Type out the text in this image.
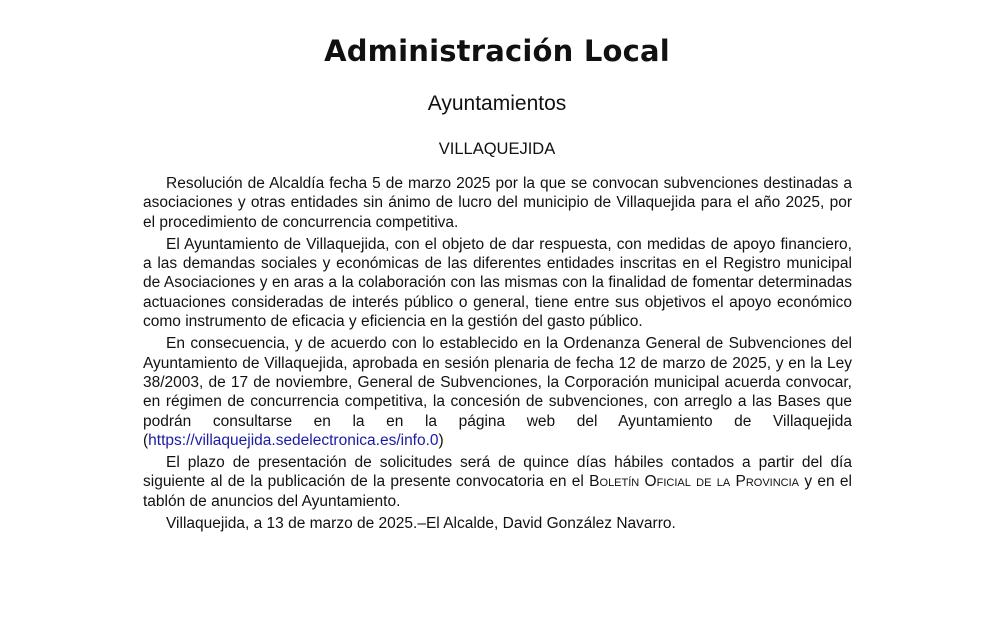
Administración Local
Ayuntamientos
VILLAQUEJIDA

Resolución de Alcaldía fecha 5 de marzo 2025 por la que se convocan subvenciones destinadas a asociaciones y otras entidades sin ánimo de lucro del municipio de Villaquejida para el año 2025, por el procedimiento de concurrencia competitiva.

El Ayuntamiento de Villaquejida, con el objeto de dar respuesta, con medidas de apoyo financiero, a las demandas sociales y económicas de las diferentes entidades inscritas en el Registro municipal de Asociaciones y en aras a la colaboración con las mismas con la finalidad de fomentar determinadas actuaciones consideradas de interés público o general, tiene entre sus objetivos el apoyo económico como instrumento de eficacia y eficiencia en la gestión del gasto público.

En consecuencia, y de acuerdo con lo establecido en la Ordenanza General de Subvenciones del Ayuntamiento de Villaquejida, aprobada en sesión plenaria de fecha 12 de marzo de 2025, y en la Ley 38/2003, de 17 de noviembre, General de Subvenciones, la Corporación municipal acuerda convocar, en régimen de concurrencia competitiva, la concesión de subvenciones, con arreglo a las Bases que podrán consultarse en la en la página web del Ayuntamiento de Villaquejida (https://villaquejida.sedelectronica.es/info.0)

El plazo de presentación de solicitudes será de quince días hábiles contados a partir del día siguiente al de la publicación de la presente convocatoria en el Boletín Oficial de la Provincia y en el tablón de anuncios del Ayuntamiento.

Villaquejida, a 13 de marzo de 2025.–El Alcalde, David González Navarro.
